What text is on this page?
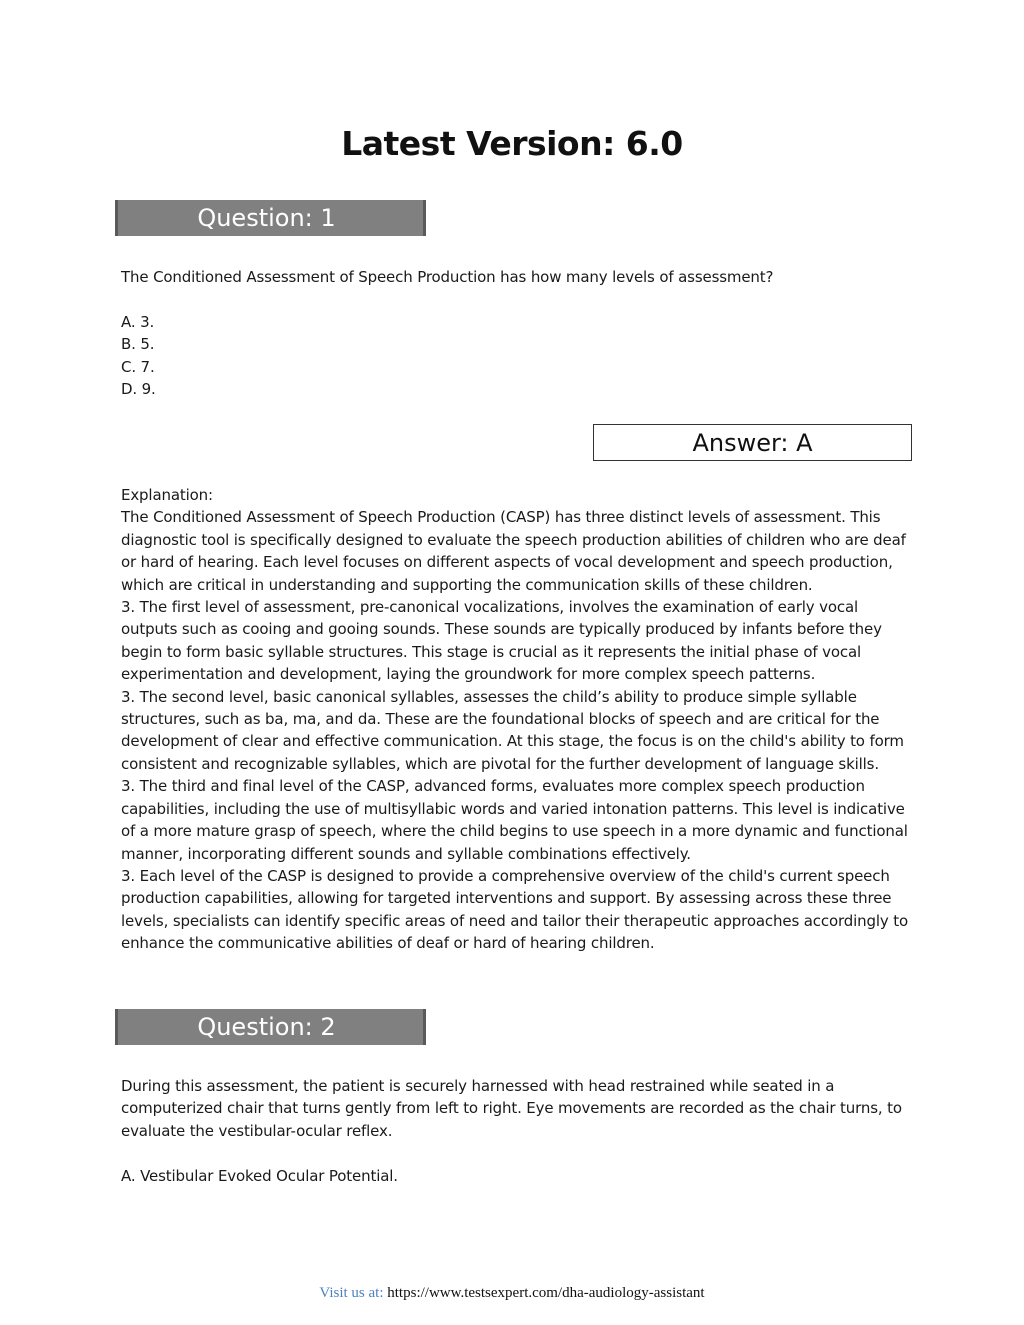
Latest Version: 6.0
Question: 1

The Conditioned Assessment of Speech Production has how many levels of assessment?

A. 3.

B. 5.

C. 7.

D. 9.

Answer: A

Explanation:

The Conditioned Assessment of Speech Production (CASP) has three distinct levels of assessment. This diagnostic tool is specifically designed to evaluate the speech production abilities of children who are deaf or hard of hearing. Each level focuses on different aspects of vocal development and speech production, which are critical in understanding and supporting the communication skills of these children.

3. The first level of assessment, pre-canonical vocalizations, involves the examination of early vocal outputs such as cooing and gooing sounds. These sounds are typically produced by infants before they begin to form basic syllable structures. This stage is crucial as it represents the initial phase of vocal experimentation and development, laying the groundwork for more complex speech patterns.

3. The second level, basic canonical syllables, assesses the child’s ability to produce simple syllable structures, such as ba, ma, and da. These are the foundational blocks of speech and are critical for the development of clear and effective communication. At this stage, the focus is on the child's ability to form consistent and recognizable syllables, which are pivotal for the further development of language skills.

3. The third and final level of the CASP, advanced forms, evaluates more complex speech production capabilities, including the use of multisyllabic words and varied intonation patterns. This level is indicative of a more mature grasp of speech, where the child begins to use speech in a more dynamic and functional manner, incorporating different sounds and syllable combinations effectively.

3. Each level of the CASP is designed to provide a comprehensive overview of the child's current speech production capabilities, allowing for targeted interventions and support. By assessing across these three levels, specialists can identify specific areas of need and tailor their therapeutic approaches accordingly to enhance the communicative abilities of deaf or hard of hearing children.

Question: 2

During this assessment, the patient is securely harnessed with head restrained while seated in a computerized chair that turns gently from left to right. Eye movements are recorded as the chair turns, to evaluate the vestibular-ocular reflex.

A. Vestibular Evoked Ocular Potential.

Visit us at: https://www.testsexpert.com/dha-audiology-assistant
